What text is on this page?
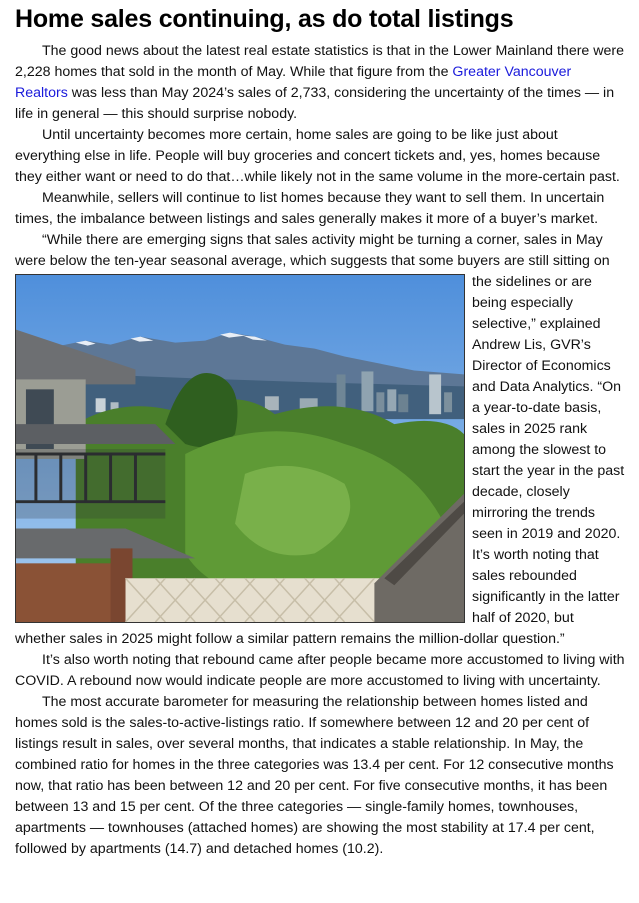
Home sales continuing, as do total listings

The good news about the latest real estate statistics is that in the Lower Mainland there were 2,228 homes that sold in the month of May. While that figure from the Greater Vancouver Realtors was less than May 2024’s sales of 2,733, considering the uncertainty of the times — in life in general — this should surprise nobody.

Until uncertainty becomes more certain, home sales are going to be like just about everything else in life. People will buy groceries and concert tickets and, yes, homes because they either want or need to do that…while likely not in the same volume in the more-certain past.

Meanwhile, sellers will continue to list homes because they want to sell them. In uncertain times, the imbalance between listings and sales generally makes it more of a buyer’s market.

“While there are emerging signs that sales activity might be turning a corner, sales in May were below the ten-year seasonal average, which suggests that some buyers are still sitting on

the sidelines or are being especially selective,” explained Andrew Lis, GVR’s Director of Economics and Data Analytics. “On a year-to-date basis, sales in 2025 rank among the slowest to start the year in the past decade, closely mirroring the trends seen in 2019 and 2020. It’s worth noting that sales rebounded significantly in the latter half of 2020, but whether sales in 2025 might follow a similar pattern remains the million-dollar question.”

It’s also worth noting that rebound came after people became more accustomed to living with COVID. A rebound now would indicate people are more accustomed to living with uncertainty.

The most accurate barometer for measuring the relationship between homes listed and homes sold is the sales-to-active-listings ratio. If somewhere between 12 and 20 per cent of listings result in sales, over several months, that indicates a stable relationship. In May, the combined ratio for homes in the three categories was 13.4 per cent. For 12 consecutive months now, that ratio has been between 12 and 20 per cent. For five consecutive months, it has been between 13 and 15 per cent. Of the three categories — single-family homes, townhouses, apartments — townhouses (attached homes) are showing the most stability at 17.4 per cent, followed by apartments (14.7) and detached homes (10.2).
